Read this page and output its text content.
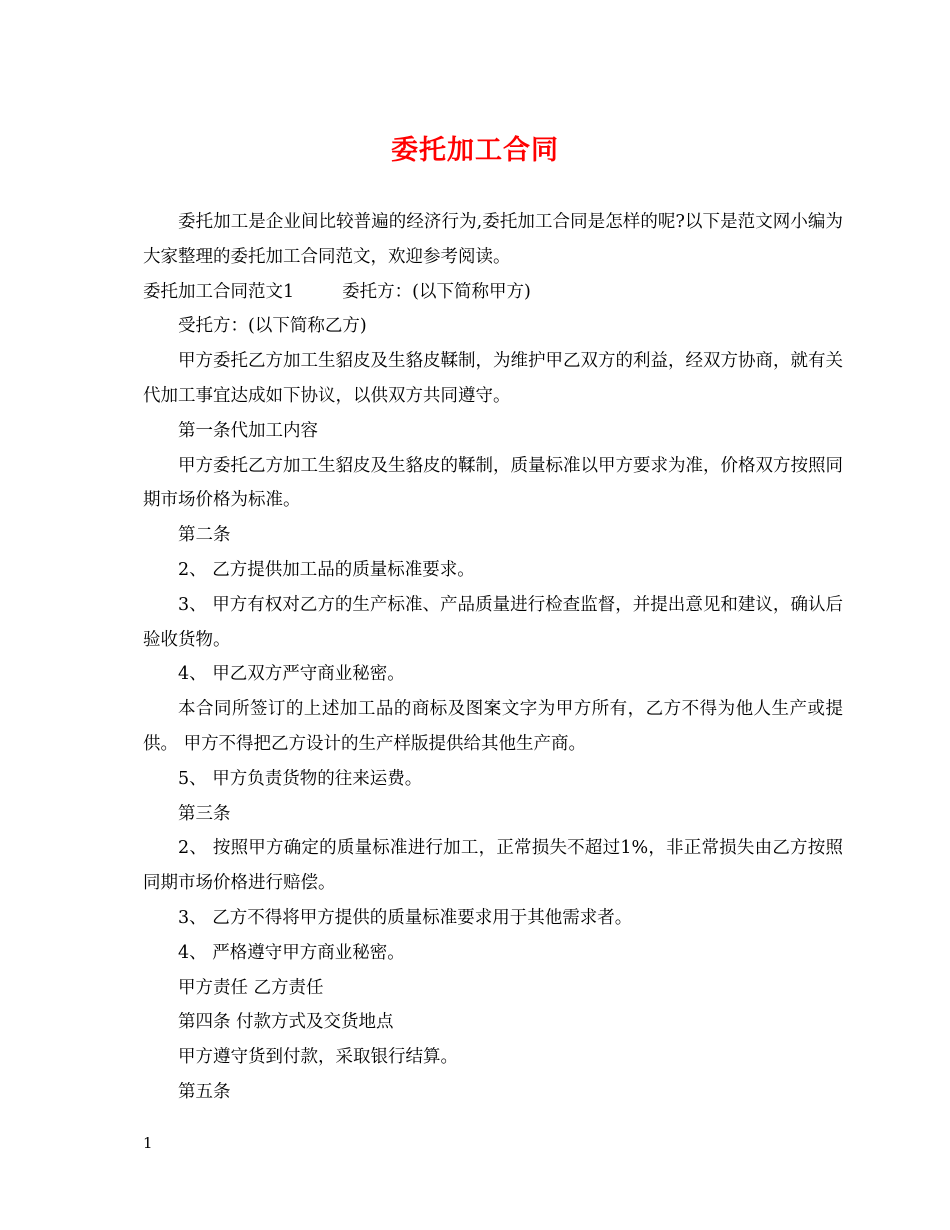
委托加工合同

委托加工是企业间比较普遍的经济行为,委托加工合同是怎样的呢?以下是范文网小编为大家整理的委托加工合同范文，欢迎参考阅读。

委托加工合同范文1	委托方：(以下简称甲方)

受托方：(以下简称乙方)

甲方委托乙方加工生貂皮及生貉皮鞣制，为维护甲乙双方的利益，经双方协商，就有关代加工事宜达成如下协议，以供双方共同遵守。

第一条代加工内容

甲方委托乙方加工生貂皮及生貉皮的鞣制，质量标准以甲方要求为准，价格双方按照同期市场价格为标准。

第二条

2、 乙方提供加工品的质量标准要求。

3、 甲方有权对乙方的生产标准、产品质量进行检查监督，并提出意见和建议，确认后验收货物。

4、 甲乙双方严守商业秘密。

本合同所签订的上述加工品的商标及图案文字为甲方所有，乙方不得为他人生产或提供。 甲方不得把乙方设计的生产样版提供给其他生产商。

5、 甲方负责货物的往来运费。

第三条

2、 按照甲方确定的质量标准进行加工，正常损失不超过1%，非正常损失由乙方按照同期市场价格进行赔偿。

3、 乙方不得将甲方提供的质量标准要求用于其他需求者。

4、 严格遵守甲方商业秘密。

甲方责任 乙方责任

第四条 付款方式及交货地点

甲方遵守货到付款，采取银行结算。

第五条

1
